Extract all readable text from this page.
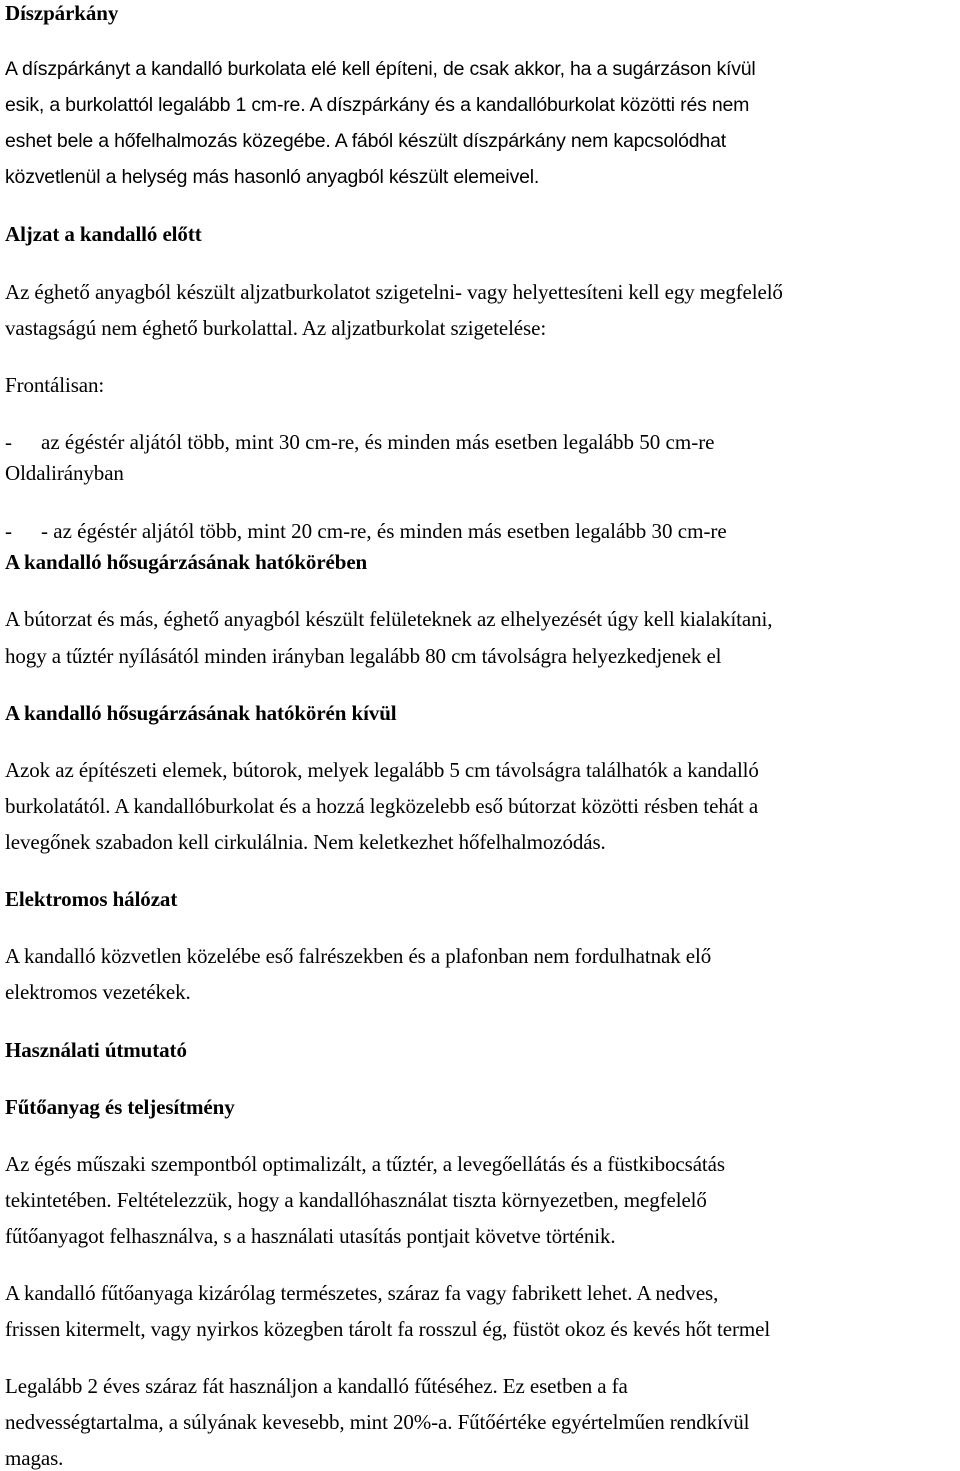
Díszpárkány
A díszpárkányt a kandalló burkolata elé kell építeni, de csak akkor, ha a sugárzáson kívül
esik, a burkolattól legalább 1 cm-re. A díszpárkány és a kandallóburkolat közötti rés nem
eshet bele a hőfelhalmozás közegébe. A fából készült díszpárkány nem kapcsolódhat
közvetlenül a helység más hasonló anyagból készült elemeivel.
Aljzat a kandalló előtt
Az éghető anyagból készült aljzatburkolatot szigetelni- vagy helyettesíteni kell egy megfelelő
vastagságú nem éghető burkolattal. Az aljzatburkolat szigetelése:
Frontálisan:
- az égéstér aljától több, mint 30 cm-re, és minden más esetben legalább 50 cm-re
Oldalirányban
- - az égéstér aljától több, mint 20 cm-re, és minden más esetben legalább 30 cm-re
A kandalló hősugárzásának hatókörében
A bútorzat és más, éghető anyagból készült felületeknek az elhelyezését úgy kell kialakítani,
hogy a tűztér nyílásától minden irányban legalább 80 cm távolságra helyezkedjenek el
A kandalló hősugárzásának hatókörén kívül
Azok az építészeti elemek, bútorok, melyek legalább 5 cm távolságra találhatók a kandalló
burkolatától. A kandallóburkolat és a hozzá legközelebb eső bútorzat közötti résben tehát a
levegőnek szabadon kell cirkulálnia. Nem keletkezhet hőfelhalmozódás.
Elektromos hálózat
A kandalló közvetlen közelébe eső falrészekben és a plafonban nem fordulhatnak elő
elektromos vezetékek.
Használati útmutató
Fűtőanyag és teljesítmény
Az égés műszaki szempontból optimalizált, a tűztér, a levegőellátás és a füstkibocsátás
tekintetében. Feltételezzük, hogy a kandallóhasználat tiszta környezetben, megfelelő
fűtőanyagot felhasználva, s a használati utasítás pontjait követve történik.
A kandalló fűtőanyaga kizárólag természetes, száraz fa vagy fabrikett lehet. A nedves,
frissen kitermelt, vagy nyirkos közegben tárolt fa rosszul ég, füstöt okoz és kevés hőt termel
Legalább 2 éves száraz fát használjon a kandalló fűtéséhez. Ez esetben a fa
nedvességtartalma, a súlyának kevesebb, mint 20%-a. Fűtőértéke egyértelműen rendkívül
magas.
